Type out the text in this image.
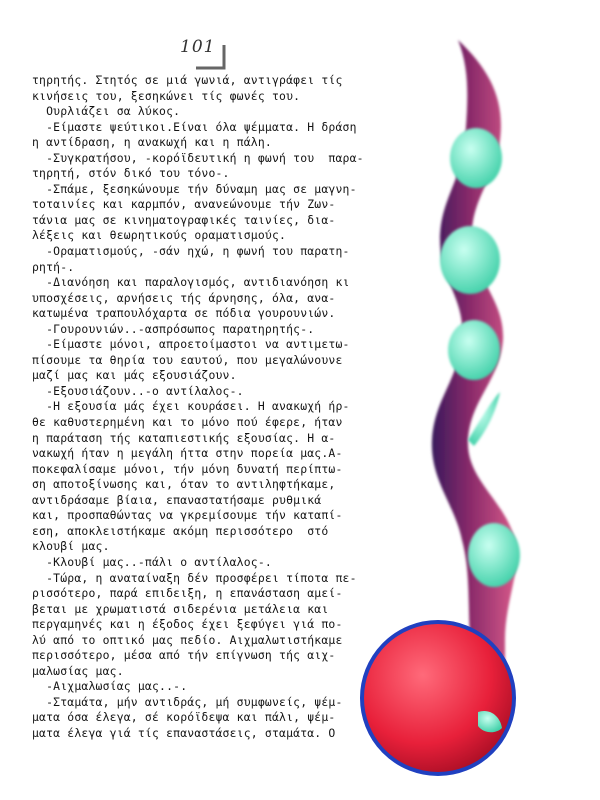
101
τηρητής. Στητός σε μιά γωνιά, αντιγράφει τίς
κινήσεις του, ξεσηκώνει τίς φωνές του.
Ουρλιάζει σα λύκος.
-Είμαστε ψεύτικοι.Είναι όλα ψέμματα. Η δράση
η αντίδραση, η ανακωχή και η πάλη.
-Συγκρατήσου, -κορόϊδευτική η φωνή του  παρα-
τηρητή, στόν δικό του τόνο-.
-Σπάμε, ξεσηκώνουμε τήν δύναμη μας σε μαγνη-
τοταινίες και καρμπόν, ανανεώνουμε τήν Ζων-
τάνια μας σε κινηματογραφικές ταινίες, δια-
λέξεις και θεωρητικούς οραματισμούς.
-Οραματισμούς, -σάν ηχώ, η φωνή του παρατη-
ρητή-.
-Διανόηση και παραλογισμός, αντιδιανόηση κι
υποσχέσεις, αρνήσεις τής άρνησης, όλα, ανα-
κατωμένα τραπουλόχαρτα σε πόδια γουρουνιών.
-Γουρουνιών..-ασπρόσωπος παρατηρητής-.
-Είμαστε μόνοι, απροετοίμαστοι να αντιμετω-
πίσουμε τα θηρία του εαυτού, που μεγαλώνουνε
μαζί μας και μάς εξουσιάζουν.
-Εξουσιάζουν..-ο αντίλαλος-.
-Η εξουσία μάς έχει κουράσει. Η ανακωχή ήρ-
θε καθυστερημένη και το μόνο πού έφερε, ήταν
η παράταση τής καταπιεστικής εξουσίας. Η α-
νακωχή ήταν η μεγάλη ήττα στην πορεία μας.Α-
ποκεφαλίσαμε μόνοι, τήν μόνη δυνατή περίπτω-
ση αποτοξίνωσης και, όταν το αντιληφτήκαμε,
αντιδράσαμε βίαια, επαναστατήσαμε ρυθμικά
και, προσπαθώντας να γκρεμίσουμε τήν καταπί-
εση, αποκλειστήκαμε ακόμη περισσότερο  στό
κλουβί μας.
-Κλουβί μας..-πάλι ο αντίλαλος-.
-Τώρα, η αναταίναξη δέν προσφέρει τίποτα πε-
ρισσότερο, παρά επιδειξη, η επανάσταση αμεί-
βεται με χρωματιστά σιδερένια μετάλεια και
περγαμηνές και η έξοδος έχει ξεφύγει γιά πο-
λύ από το οπτικό μας πεδίο. Αιχμαλωτιστήκαμε
περισσότερο, μέσα από τήν επίγνωση τής αιχ-
μαλωσίας μας.
-Αιχμαλωσίας μας..-.
-Σταμάτα, μήν αντιδράς, μή συμφωνείς, ψέμ-
ματα όσα έλεγα, σέ κορόϊδεψα και πάλι, ψέμ-
ματα έλεγα γιά τίς επαναστάσεις, σταμάτα. Ο
